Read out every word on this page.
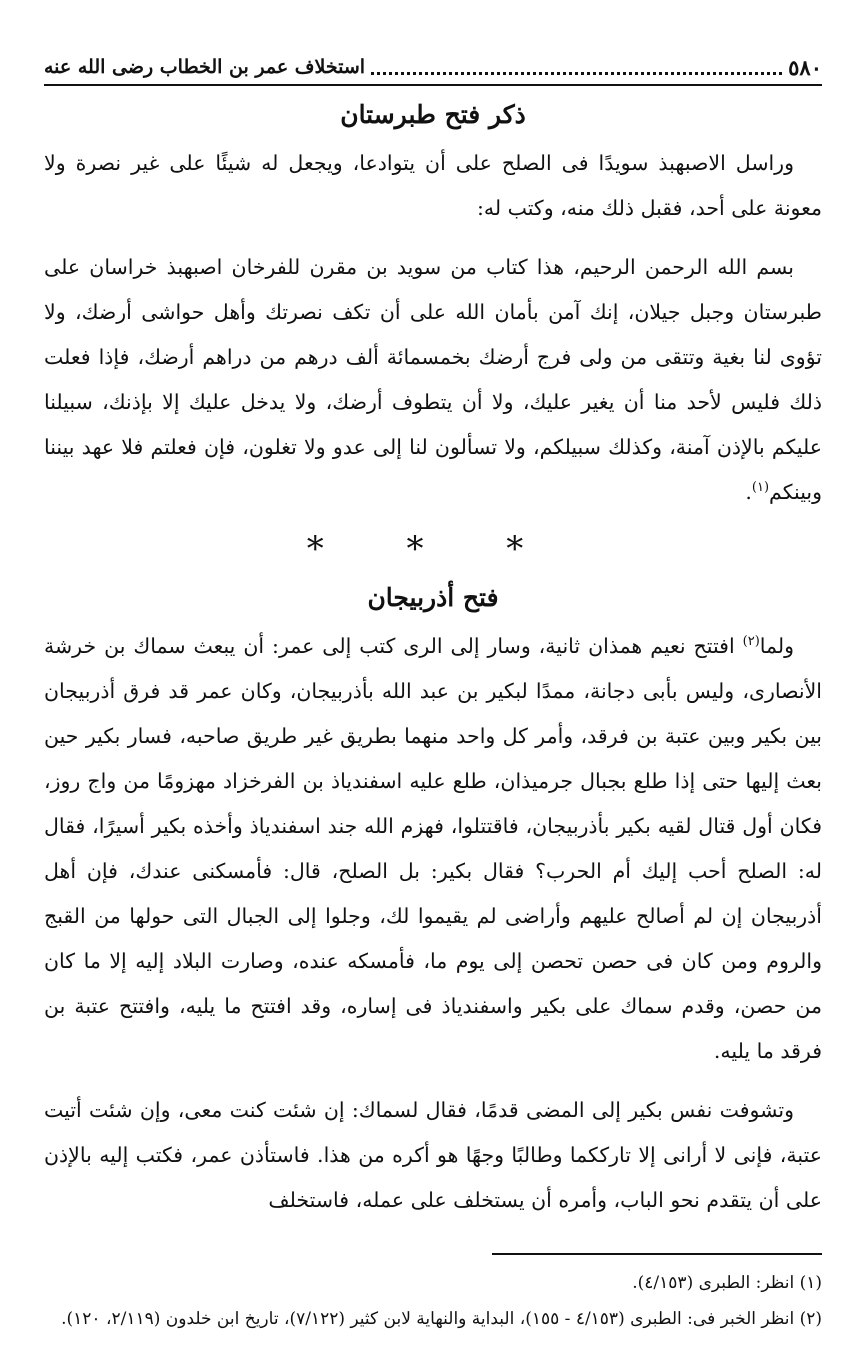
٥٨٠
استخلاف عمر بن الخطاب رضى الله عنه
ذكر فتح طبرستان

وراسل الاصبهبذ سويدًا فى الصلح على أن يتوادعا، ويجعل له شيئًا على غير نصرة ولا معونة على أحد، فقبل ذلك منه، وكتب له:

بسم الله الرحمن الرحيم، هذا كتاب من سويد بن مقرن للفرخان اصبهبذ خراسان على طبرستان وجبل جيلان، إنك آمن بأمان الله على أن تكف نصرتك وأهل حواشى أرضك، ولا تؤوى لنا بغية وتتقى من ولى فرج أرضك بخمسمائة ألف درهم من دراهم أرضك، فإذا فعلت ذلك فليس لأحد منا أن يغير عليك، ولا أن يتطوف أرضك، ولا يدخل عليك إلا بإذنك، سبيلنا عليكم بالإذن آمنة، وكذلك سبيلكم، ولا تسألون لنا إلى عدو ولا تغلون، فإن فعلتم فلا عهد بيننا وبينكم$^{(١)}$.

* * *
فتح أذربيجان

ولما$^{(٢)}$ افتتح نعيم همذان ثانية، وسار إلى الرى كتب إلى عمر: أن يبعث سماك بن خرشة الأنصارى، وليس بأبى دجانة، ممدًا لبكير بن عبد الله بأذربيجان، وكان عمر قد فرق أذربيجان بين بكير وبين عتبة بن فرقد، وأمر كل واحد منهما بطريق غير طريق صاحبه، فسار بكير حين بعث إليها حتى إذا طلع بجبال جرميذان، طلع عليه اسفندياذ بن الفرخزاد مهزومًا من واج روز، فكان أول قتال لقيه بكير بأذربيجان، فاقتتلوا، فهزم الله جند اسفندياذ وأخذه بكير أسيرًا، فقال له: الصلح أحب إليك أم الحرب؟ فقال بكير: بل الصلح، قال: فأمسكنى عندك، فإن أهل أذربيجان إن لم أصالح عليهم وأراضى لم يقيموا لك، وجلوا إلى الجبال التى حولها من القبج والروم ومن كان فى حصن تحصن إلى يوم ما، فأمسكه عنده، وصارت البلاد إليه إلا ما كان من حصن، وقدم سماك على بكير واسفندياذ فى إساره، وقد افتتح ما يليه، وافتتح عتبة بن فرقد ما يليه.

وتشوفت نفس بكير إلى المضى قدمًا، فقال لسماك: إن شئت كنت معى، وإن شئت أتيت عتبة، فإنى لا أرانى إلا تارككما وطالبًا وجهًا هو أكره من هذا. فاستأذن عمر، فكتب إليه بالإذن على أن يتقدم نحو الباب، وأمره أن يستخلف على عمله، فاستخلف

(١) انظر: الطبرى (٤/١٥٣).

(٢) انظر الخبر فى: الطبرى (٤/١٥٣ - ١٥٥)، البداية والنهاية لابن كثير (٧/١٢٢)، تاريخ ابن خلدون (٢/١١٩، ١٢٠).
